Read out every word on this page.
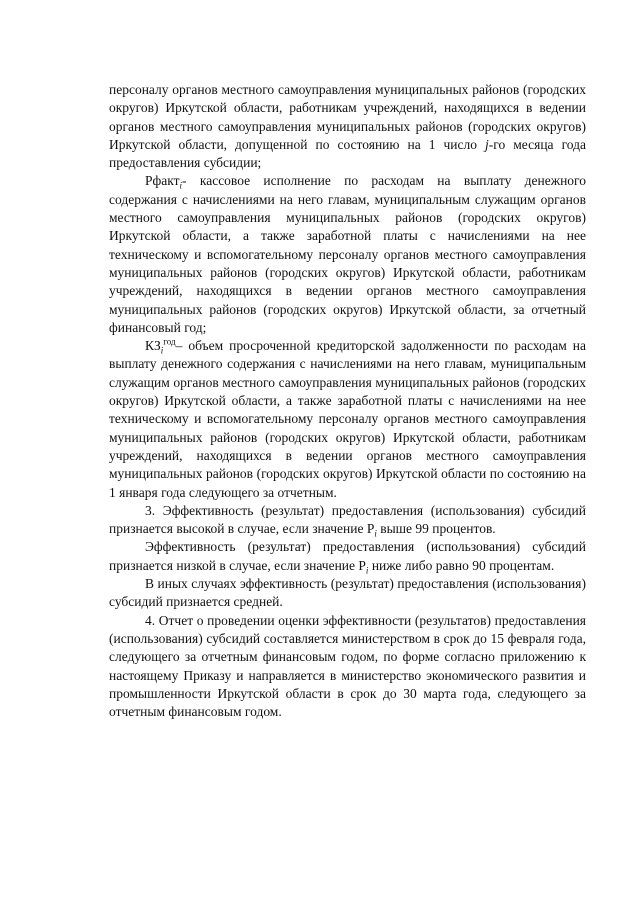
персоналу органов местного самоуправления муниципальных районов (городских округов) Иркутской области, работникам учреждений, находящихся в ведении органов местного самоуправления муниципальных районов (городских округов) Иркутской области, допущенной по состоянию на 1 число j-го месяца года предоставления субсидии;

Рфакт$_i$- кассовое исполнение по расходам на выплату денежного содержания с начислениями на него главам, муниципальным служащим органов местного самоуправления муниципальных районов (городских округов) Иркутской области, а также заработной платы с начислениями на нее техническому и вспомогательному персоналу органов местного самоуправления муниципальных районов (городских округов) Иркутской области, работникам учреждений, находящихся в ведении органов местного самоуправления муниципальных районов (городских округов) Иркутской области, за отчетный финансовый год;

$КЗ_i^{год}-$ объем просроченной кредиторской задолженности по расходам на выплату денежного содержания с начислениями на него главам, муниципальным служащим органов местного самоуправления муниципальных районов (городских округов) Иркутской области, а также заработной платы с начислениями на нее техническому и вспомогательному персоналу органов местного самоуправления муниципальных районов (городских округов) Иркутской области, работникам учреждений, находящихся в ведении органов местного самоуправления муниципальных районов (городских округов) Иркутской области по состоянию на 1 января года следующего за отчетным.

3. Эффективность (результат) предоставления (использования) субсидий признается высокой в случае, если значение $P_i$ выше 99 процентов.

Эффективность (результат) предоставления (использования) субсидий признается низкой в случае, если значение $P_i$ ниже либо равно 90 процентам.

В иных случаях эффективность (результат) предоставления (использования) субсидий признается средней.

4. Отчет о проведении оценки эффективности (результатов) предоставления (использования) субсидий составляется министерством в срок до 15 февраля года, следующего за отчетным финансовым годом, по форме согласно приложению к настоящему Приказу и направляется в министерство экономического развития и промышленности Иркутской области в срок до 30 марта года, следующего за отчетным финансовым годом.
